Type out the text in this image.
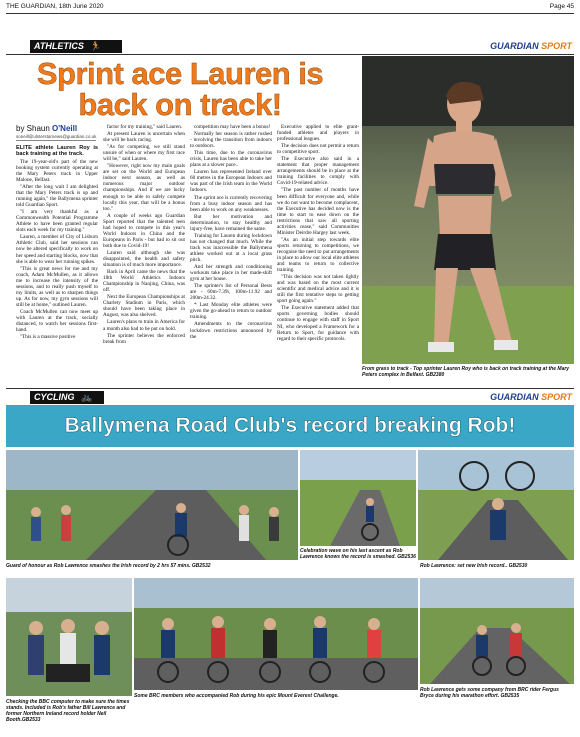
THE GUARDIAN, 18th June 2020	Page 45
ATHLETICS 🏃	GUARDIAN SPORT
Sprint ace Lauren is back on track!
by Shaun O'Neill
soneill@ulsterstarnews@guardian.co.uk

ELITE athlete Lauren Roy is back training at the track.

The 19-year-old's part of the new booking system currently operating at the Mary Peters track in Upper Malone, Belfast.

"After the long wait I am delighted that the Mary Peters track is up and running again," the Ballymena sprinter told Guardian Sport.

"I am very thankful as a Commonwealth Potential Programme Athlete to have been granted regular slots each week for my training."

Lauren, a member of City of Lisburn Athletic Club, said her sessions can now be altered specifically to work on her speed and starting blocks, now that she is able to wear her running spikes.

"This is great news for me and my coach, Adam McMullen, as it allows me to increase the intensity of the sessions, and to really push myself to my limits, as well as to sharpen things up. As for now, my gym sessions will still be at home," outlined Lauren.

Coach McMullen can now meet up with Lauren at the track, socially distanced, to watch her sessions first-hand.

"This is a massive positive

factor for my training," said Lauren.

At present Lauren is uncertain when she will be back racing.

"As for competing, we still stand unsure of when or where my first race will be," said Lauren.

"However, right now my main goals are set on the World and European indoor next season, as well as numerous major outdoor championships. And if we are lucky enough to be able to safely compete locally this year, that will be a bonus too."

A couple of weeks ago Guardian Sport reported that the talented teen had hoped to compete in this year's World Indoors in China and the Europeans in Paris - but had to sit out both due to Covid-19!

Lauren said although she was disappointed, the health and safety situation is of much more importance.

Back in April came the news that the 18th World Athletics Indoors Championship in Nanjing, China, was off.

Next the European Championships at Charlety Stadium in Paris, which should have been taking place in August, was also shelved.

Lauren's plans to train in America for a month also had to be put on hold.

The sprinter believes the enforced break from

competition may have been a bonus!

Normally her season is rather rushed - involving the transition from indoors to outdoors.

This time, due to the coronavirus crisis, Lauren has been able to take her plans at a slower pace..

Lauren has represented Ireland over 60 metres in the European Indoors and was part of the Irish team in the World Indoors.

The sprint ace is currently recovering from a busy indoor season and has been able to work on any weaknesses.

But her motivation and determination, to stay healthy and injury-free, have remained the same.

Training for Lauren during lockdown has not changed that much. While the track was inaccessible the Ballymena athlete worked out at a local grass pitch.

And her strength and conditioning workouts take place in her made-shift gym at her house.

The sprinter's list of Personal Bests are - 60m-7.39i, 100m-11.92 and 200m-24.32.

* Last Monday elite athletes were given the go-ahead to return to outdoor training.

Amendments to the coronavirus lockdown restrictions announced by the

Executive applied to elite grant-funded athletes and players in professional leagues.

The decision does not permit a return to competitive sport.

The Executive also said in a statement that proper management arrangements should be in place at the training facilities to comply with Covid-19-related advice.

"The past number of months have been difficult for everyone and, while we do not want to become complacent, the Executive has decided now is the time to start to ease down on the restrictions that saw all sporting activities cease," said Communities Minister Deirdre Hargey last week.

"As an initial step towards elite sports returning to competitions, we recognise the need to put arrangements in place to allow our local elite athletes and teams to return to collective training.

"This decision was not taken lightly and was based on the most current scientific and medical advice and it is still the first tentative steps to getting sport going again."

The Executive statement added that sports governing bodies should continue to engage with staff in Sport NI, who developed a Framework for a Return to Sport, for guidance with regard to their specific protocols.

From grass to track - Top sprinter Lauren Roy who is back on track training at the Mary Peters complex in Belfast. GB2380
CYCLING 🚲	GUARDIAN SPORT
Ballymena Road Club's record breaking Rob!
Guard of honour as Rob Lawrence smashes the Irish record by 2 hrs 57 mins. GB2532
Celebration wave on his last ascent as Rob Lawrence knows the record is smashed. GB2536
Rob Lawrence: set new Irish record.. GB2530
Checking the BBC computer to make sure the times stands. Included is Rob's father Bill Lawrence and former Northern Ireland record holder Neil Booth.GB2533
Some BRC members who accompanied Rob during his epic Mount Everest Challenge.
Rob Lawrence gets some company from BRC rider Fergus Bryce during his marathon effort. GB2535
